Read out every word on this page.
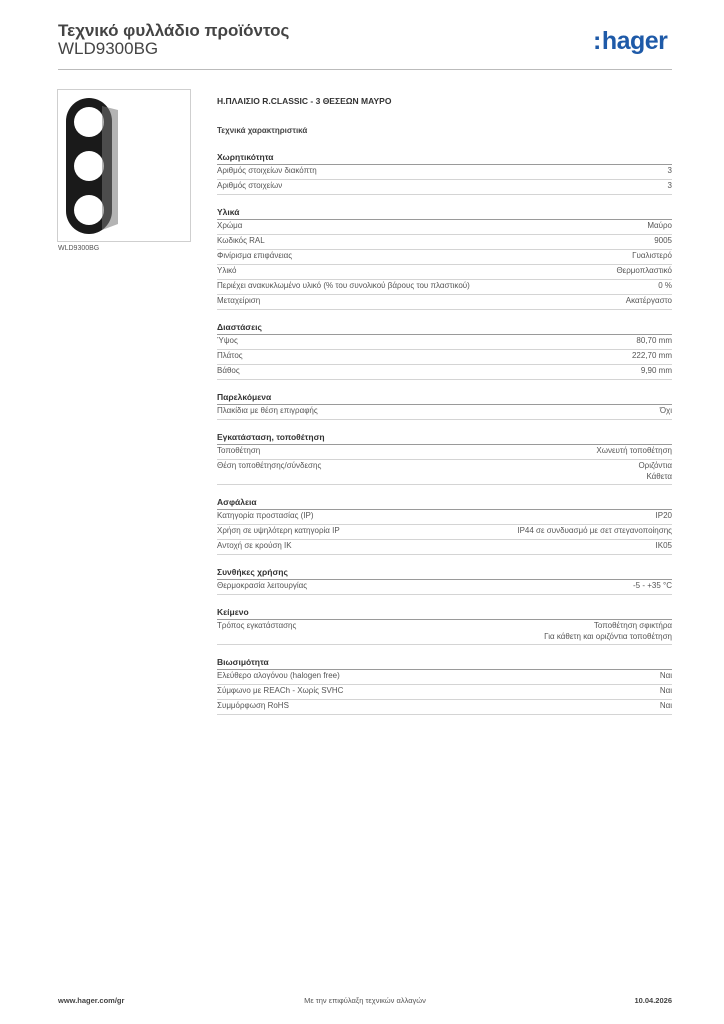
Τεχνικό φυλλάδιο προϊόντος
WLD9300BG	:hager
WLD9300BG
Η.ΠΛΑΙΣΙΟ R.CLASSIC - 3 ΘΕΣΕΩΝ ΜΑΥΡΟ
Τεχνικά χαρακτηριστικά
Χωρητικότητα
Αριθμός στοιχείων διακόπτη	3
Αριθμός στοιχείων	3
Υλικά
Χρώμα	Μαύρο
Κωδικός RAL	9005
Φινίρισμα επιφάνειας	Γυαλιστερό
Υλικό	Θερμοπλαστικό
Περιέχει ανακυκλωμένο υλικό (% του συνολικού βάρους του πλαστικού)	0 %
Μεταχείριση	Ακατέργαστο
Διαστάσεις
Ύψος	80,70 mm
Πλάτος	222,70 mm
Βάθος	9,90 mm
Παρελκόμενα
Πλακίδια με θέση επιγραφής	Όχι
Εγκατάσταση, τοποθέτηση
Τοποθέτηση	Χωνευτή τοποθέτηση
Θέση τοποθέτησης/σύνδεσης	Οριζόντια
Κάθετα
Ασφάλεια
Κατηγορία προστασίας (IP)	IP20
Χρήση σε υψηλότερη κατηγορία IP	IP44 σε συνδυασμό με σετ στεγανοποίησης
Αντοχή σε κρούση IK	IK05
Συνθήκες χρήσης
Θερμοκρασία λειτουργίας	-5 - +35 °C
Κείμενο
Τρόπος εγκατάστασης	Τοποθέτηση σφικτήρα
Για κάθετη και οριζόντια τοποθέτηση
Βιωσιμότητα
Ελεύθερο αλογόνου (halogen free)	Ναι
Σύμφωνο με REACh - Χωρίς SVHC	Ναι
Συμμόρφωση RoHS	Ναι
www.hager.com/gr	Με την επιφύλαξη τεχνικών αλλαγών	10.04.2026
